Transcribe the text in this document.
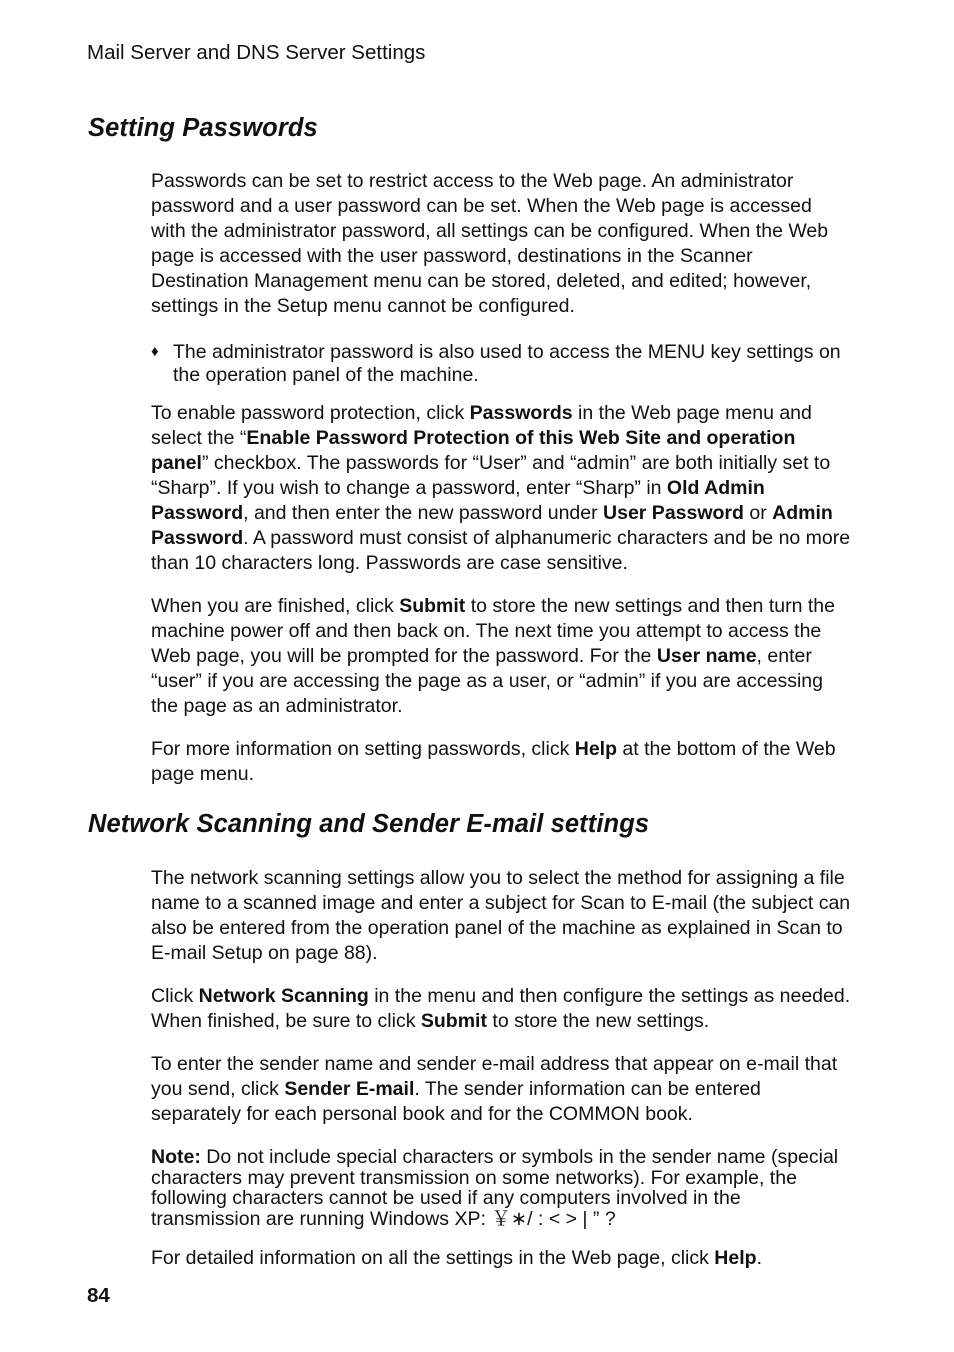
Mail Server and DNS Server Settings
Setting Passwords

Passwords can be set to restrict access to the Web page. An administrator password and a user password can be set. When the Web page is accessed with the administrator password, all settings can be configured. When the Web page is accessed with the user password, destinations in the Scanner Destination Management menu can be stored, deleted, and edited; however, settings in the Setup menu cannot be configured.

♦ The administrator password is also used to access the MENU key settings on the operation panel of the machine.

To enable password protection, click Passwords in the Web page menu and select the “Enable Password Protection of this Web Site and operation panel” checkbox. The passwords for “User” and “admin” are both initially set to “Sharp”. If you wish to change a password, enter “Sharp” in Old Admin Password, and then enter the new password under User Password or Admin Password. A password must consist of alphanumeric characters and be no more than 10 characters long. Passwords are case sensitive.

When you are finished, click Submit to store the new settings and then turn the machine power off and then back on. The next time you attempt to access the Web page, you will be prompted for the password. For the User name, enter “user” if you are accessing the page as a user, or “admin” if you are accessing the page as an administrator.

For more information on setting passwords, click Help at the bottom of the Web page menu.

Network Scanning and Sender E-mail settings

The network scanning settings allow you to select the method for assigning a file name to a scanned image and enter a subject for Scan to E-mail (the subject can also be entered from the operation panel of the machine as explained in Scan to E-mail Setup on page 88).

Click Network Scanning in the menu and then configure the settings as needed. When finished, be sure to click Submit to store the new settings.

To enter the sender name and sender e-mail address that appear on e-mail that you send, click Sender E-mail. The sender information can be entered separately for each personal book and for the COMMON book.

Note: Do not include special characters or symbols in the sender name (special characters may prevent transmission on some networks). For example, the following characters cannot be used if any computers involved in the transmission are running Windows XP: ￥∗/ : < > | ” ?

For detailed information on all the settings in the Web page, click Help.

84
